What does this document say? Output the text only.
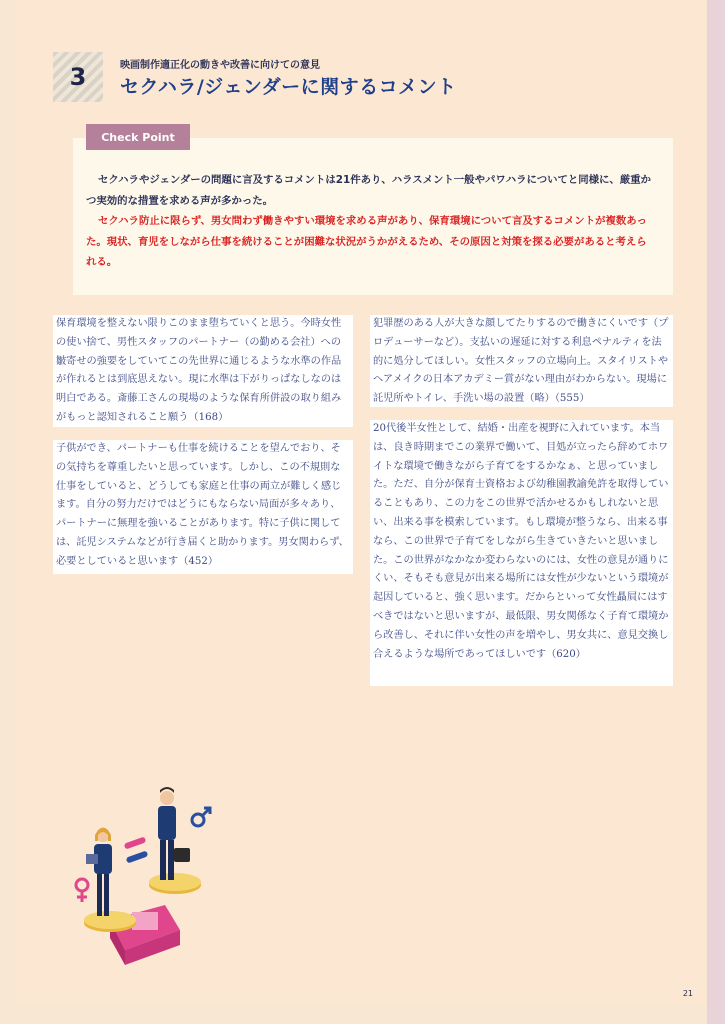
3	映画制作適正化の動きや改善に向けての意見
セクハラ/ジェンダーに関するコメント
Check Point

セクハラやジェンダーの問題に言及するコメントは21件あり、ハラスメント一般やパワハラについてと同様に、厳重かつ実効的な措置を求める声が多かった。

セクハラ防止に限らず、男女問わず働きやすい環境を求める声があり、保育環境について言及するコメントが複数あった。現状、育児をしながら仕事を続けることが困難な状況がうかがえるため、その原因と対策を探る必要があると考えられる。

保育環境を整えない限りこのまま堕ちていくと思う。今時女性の使い捨て、男性スタッフのパートナー（の勤める会社）への皺寄せの強要をしていてこの先世界に通じるような水準の作品が作れるとは到底思えない。現に水準は下がりっぱなしなのは明白である。斎藤工さんの現場のような保育所併設の取り組みがもっと認知されること願う（168）
子供ができ、パートナーも仕事を続けることを望んでおり、その気持ちを尊重したいと思っています。しかし、この不規則な仕事をしていると、どうしても家庭と仕事の両立が難しく感じます。自分の努力だけではどうにもならない局面が多々あり、パートナーに無理を強いることがあります。特に子供に関しては、託児システムなどが行き届くと助かります。男女関わらず、必要としていると思います（452）
犯罪歴のある人が大きな顔してたりするので働きにくいです（プロデューサーなど）。支払いの遅延に対する利息ペナルティを法的に処分してほしい。女性スタッフの立場向上。スタイリストやヘアメイクの日本アカデミー賞がない理由がわからない。現場に託児所やトイレ、手洗い場の設置（略）（555）
20代後半女性として、結婚・出産を視野に入れています。本当は、良き時期までこの業界で働いて、目処が立ったら辞めてホワイトな環境で働きながら子育てをするかなぁ、と思っていました。ただ、自分が保育士資格および幼稚園教諭免許を取得していることもあり、この力をこの世界で活かせるかもしれないと思い、出来る事を模索しています。もし環境が整うなら、出来る事なら、この世界で子育てをしながら生きていきたいと思いました。この世界がなかなか変わらないのには、女性の意見が通りにくい、そもそも意見が出来る場所には女性が少ないという環境が起因していると、強く思います。だからといって女性贔屓にはすべきではないと思いますが、最低限、男女関係なく子育て環境から改善し、それに伴い女性の声を増やし、男女共に、意見交換し合えるような場所であってほしいです（620）
21
